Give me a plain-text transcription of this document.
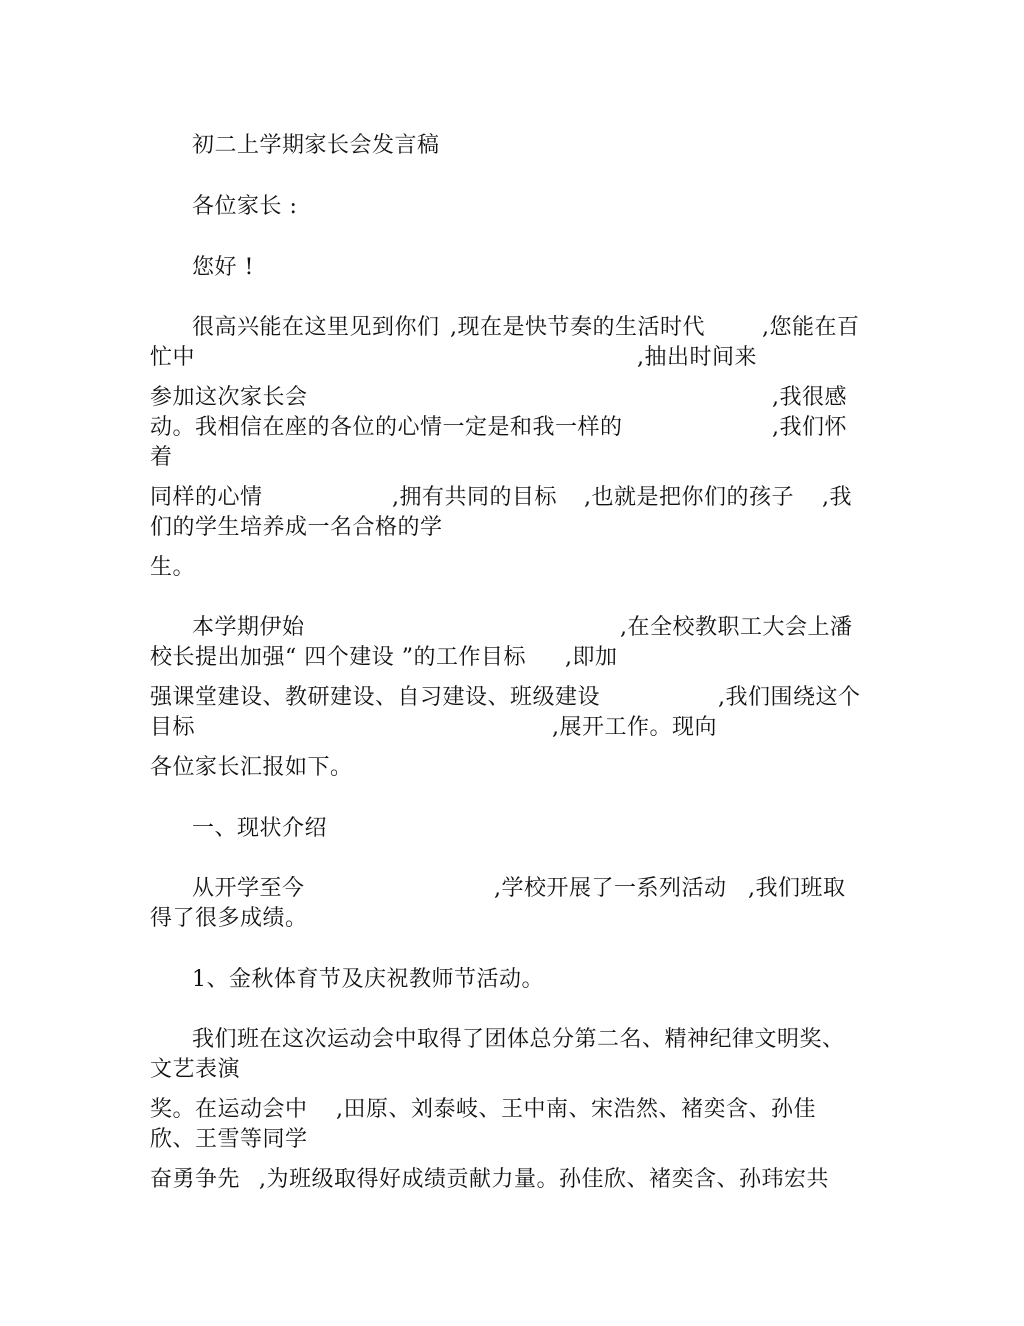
初二上学期家长会发言稿
各位家长 :
您好 !
很高兴能在这里见到你们 ,现在是快节奏的生活时代	,您能在百
忙中	,抽出时间来
参加这次家长会	,我很感
动。我相信在座的各位的心情一定是和我一样的	,我们怀
着
同样的心情	,拥有共同的目标 ,也就是把你们的孩子 ,我
们的学生培养成一名合格的学
生。
本学期伊始	,在全校教职工大会上潘
校长提出加强“ 四个建设 ”的工作目标 ,即加
强课堂建设、教研建设、自习建设、班级建设	,我们围绕这个
目标	,展开工作。现向
各位家长汇报如下。
一、现状介绍
从开学至今	,学校开展了一系列活动 ,我们班取
得了很多成绩。
1、金秋体育节及庆祝教师节活动。
我们班在这次运动会中取得了团体总分第二名、精神纪律文明奖、
文艺表演
奖。在运动会中 ,田原、刘泰岐、王中南、宋浩然、褚奕含、孙佳
欣、王雪等同学
奋勇争先 ,为班级取得好成绩贡献力量。孙佳欣、褚奕含、孙玮宏共
